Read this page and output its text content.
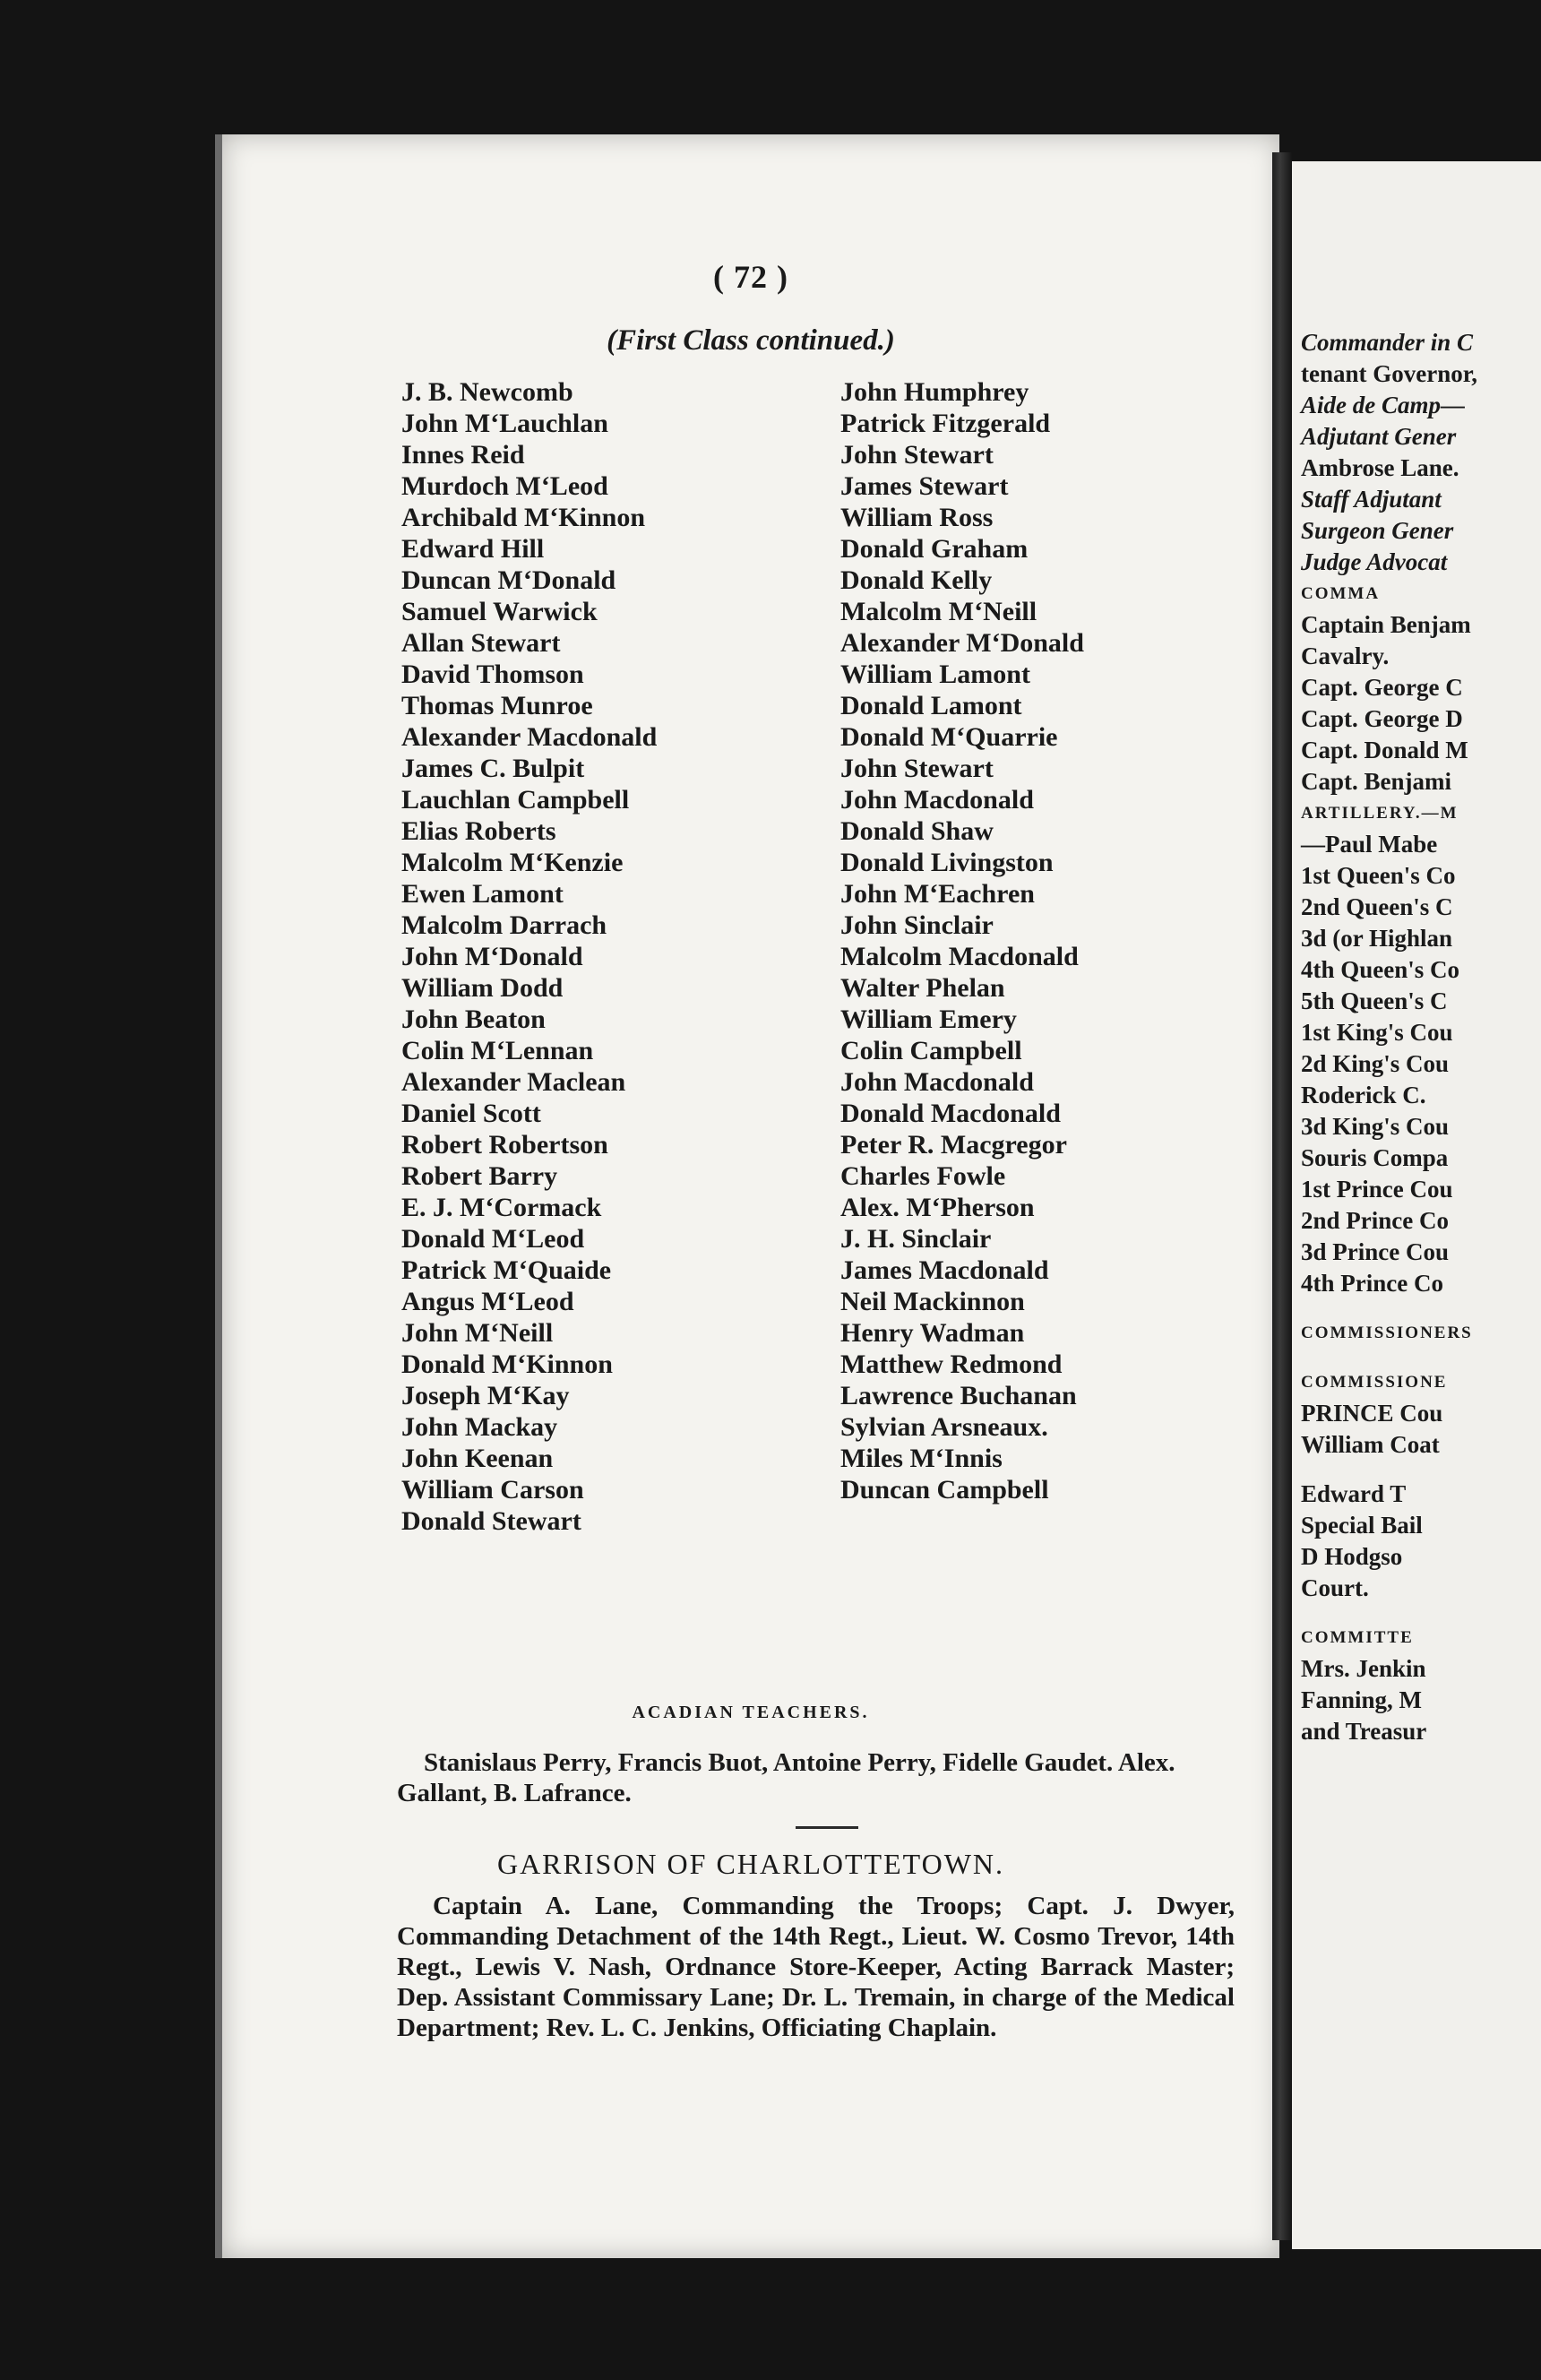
( 72 )
(First Class continued.)
J. B. Newcomb
John M‘Lauchlan
Innes Reid
Murdoch M‘Leod
Archibald M‘Kinnon
Edward Hill
Duncan M‘Donald
Samuel Warwick
Allan Stewart
David Thomson
Thomas Munroe
Alexander Macdonald
James C. Bulpit
Lauchlan Campbell
Elias Roberts
Malcolm M‘Kenzie
Ewen Lamont
Malcolm Darrach
John M‘Donald
William Dodd
John Beaton
Colin M‘Lennan
Alexander Maclean
Daniel Scott
Robert Robertson
Robert Barry
E. J. M‘Cormack
Donald M‘Leod
Patrick M‘Quaide
Angus M‘Leod
John M‘Neill
Donald M‘Kinnon
Joseph M‘Kay
John Mackay
John Keenan
William Carson
Donald Stewart
John Humphrey
Patrick Fitzgerald
John Stewart
James Stewart
William Ross
Donald Graham
Donald Kelly
Malcolm M‘Neill
Alexander M‘Donald
William Lamont
Donald Lamont
Donald M‘Quarrie
John Stewart
John Macdonald
Donald Shaw
Donald Livingston
John M‘Eachren
John Sinclair
Malcolm Macdonald
Walter Phelan
William Emery
Colin Campbell
John Macdonald
Donald Macdonald
Peter R. Macgregor
Charles Fowle
Alex. M‘Pherson
J. H. Sinclair
James Macdonald
Neil Mackinnon
Henry Wadman
Matthew Redmond
Lawrence Buchanan
Sylvian Arsneaux.
Miles M‘Innis
Duncan Campbell
ACADIAN TEACHERS.
Stanislaus Perry, Francis Buot, Antoine Perry, Fidelle Gaudet. Alex. Gallant, B. Lafrance.
GARRISON OF CHARLOTTETOWN.
Captain A. Lane, Commanding the Troops; Capt. J. Dwyer, Commanding Detachment of the 14th Regt., Lieut. W. Cosmo Trevor, 14th Regt., Lewis V. Nash, Ordnance Store-Keeper, Acting Barrack Master; Dep. Assistant Commissary Lane; Dr. L. Tremain, in charge of the Medical Department; Rev. L. C. Jenkins, Officiating Chaplain.
Commander in C
tenant Governor,
Aide de Camp—
Adjutant Gener
Ambrose Lane.
Staff Adjutant
Surgeon Gener
Judge Advocat
COMMA
Captain Benjam
Cavalry.
Capt. George C
Capt. George D
Capt. Donald M
Capt. Benjami
ARTILLERY.—M
—Paul Mabe
1st Queen's Co
2nd Queen's C
3d (or Highlan
4th Queen's Co
5th Queen's C
1st King's Cou
2d King's Cou
Roderick C.
3d King's Cou
Souris Compa
1st Prince Cou
2nd Prince Co
3d Prince Cou
4th Prince Co
COMMISSIONERS
COMMISSIONE
PRINCE Cou
William Coat
Edward T
Special Bail
D Hodgso
Court.
COMMITTE
Mrs. Jenkin
Fanning, M
and Treasur
